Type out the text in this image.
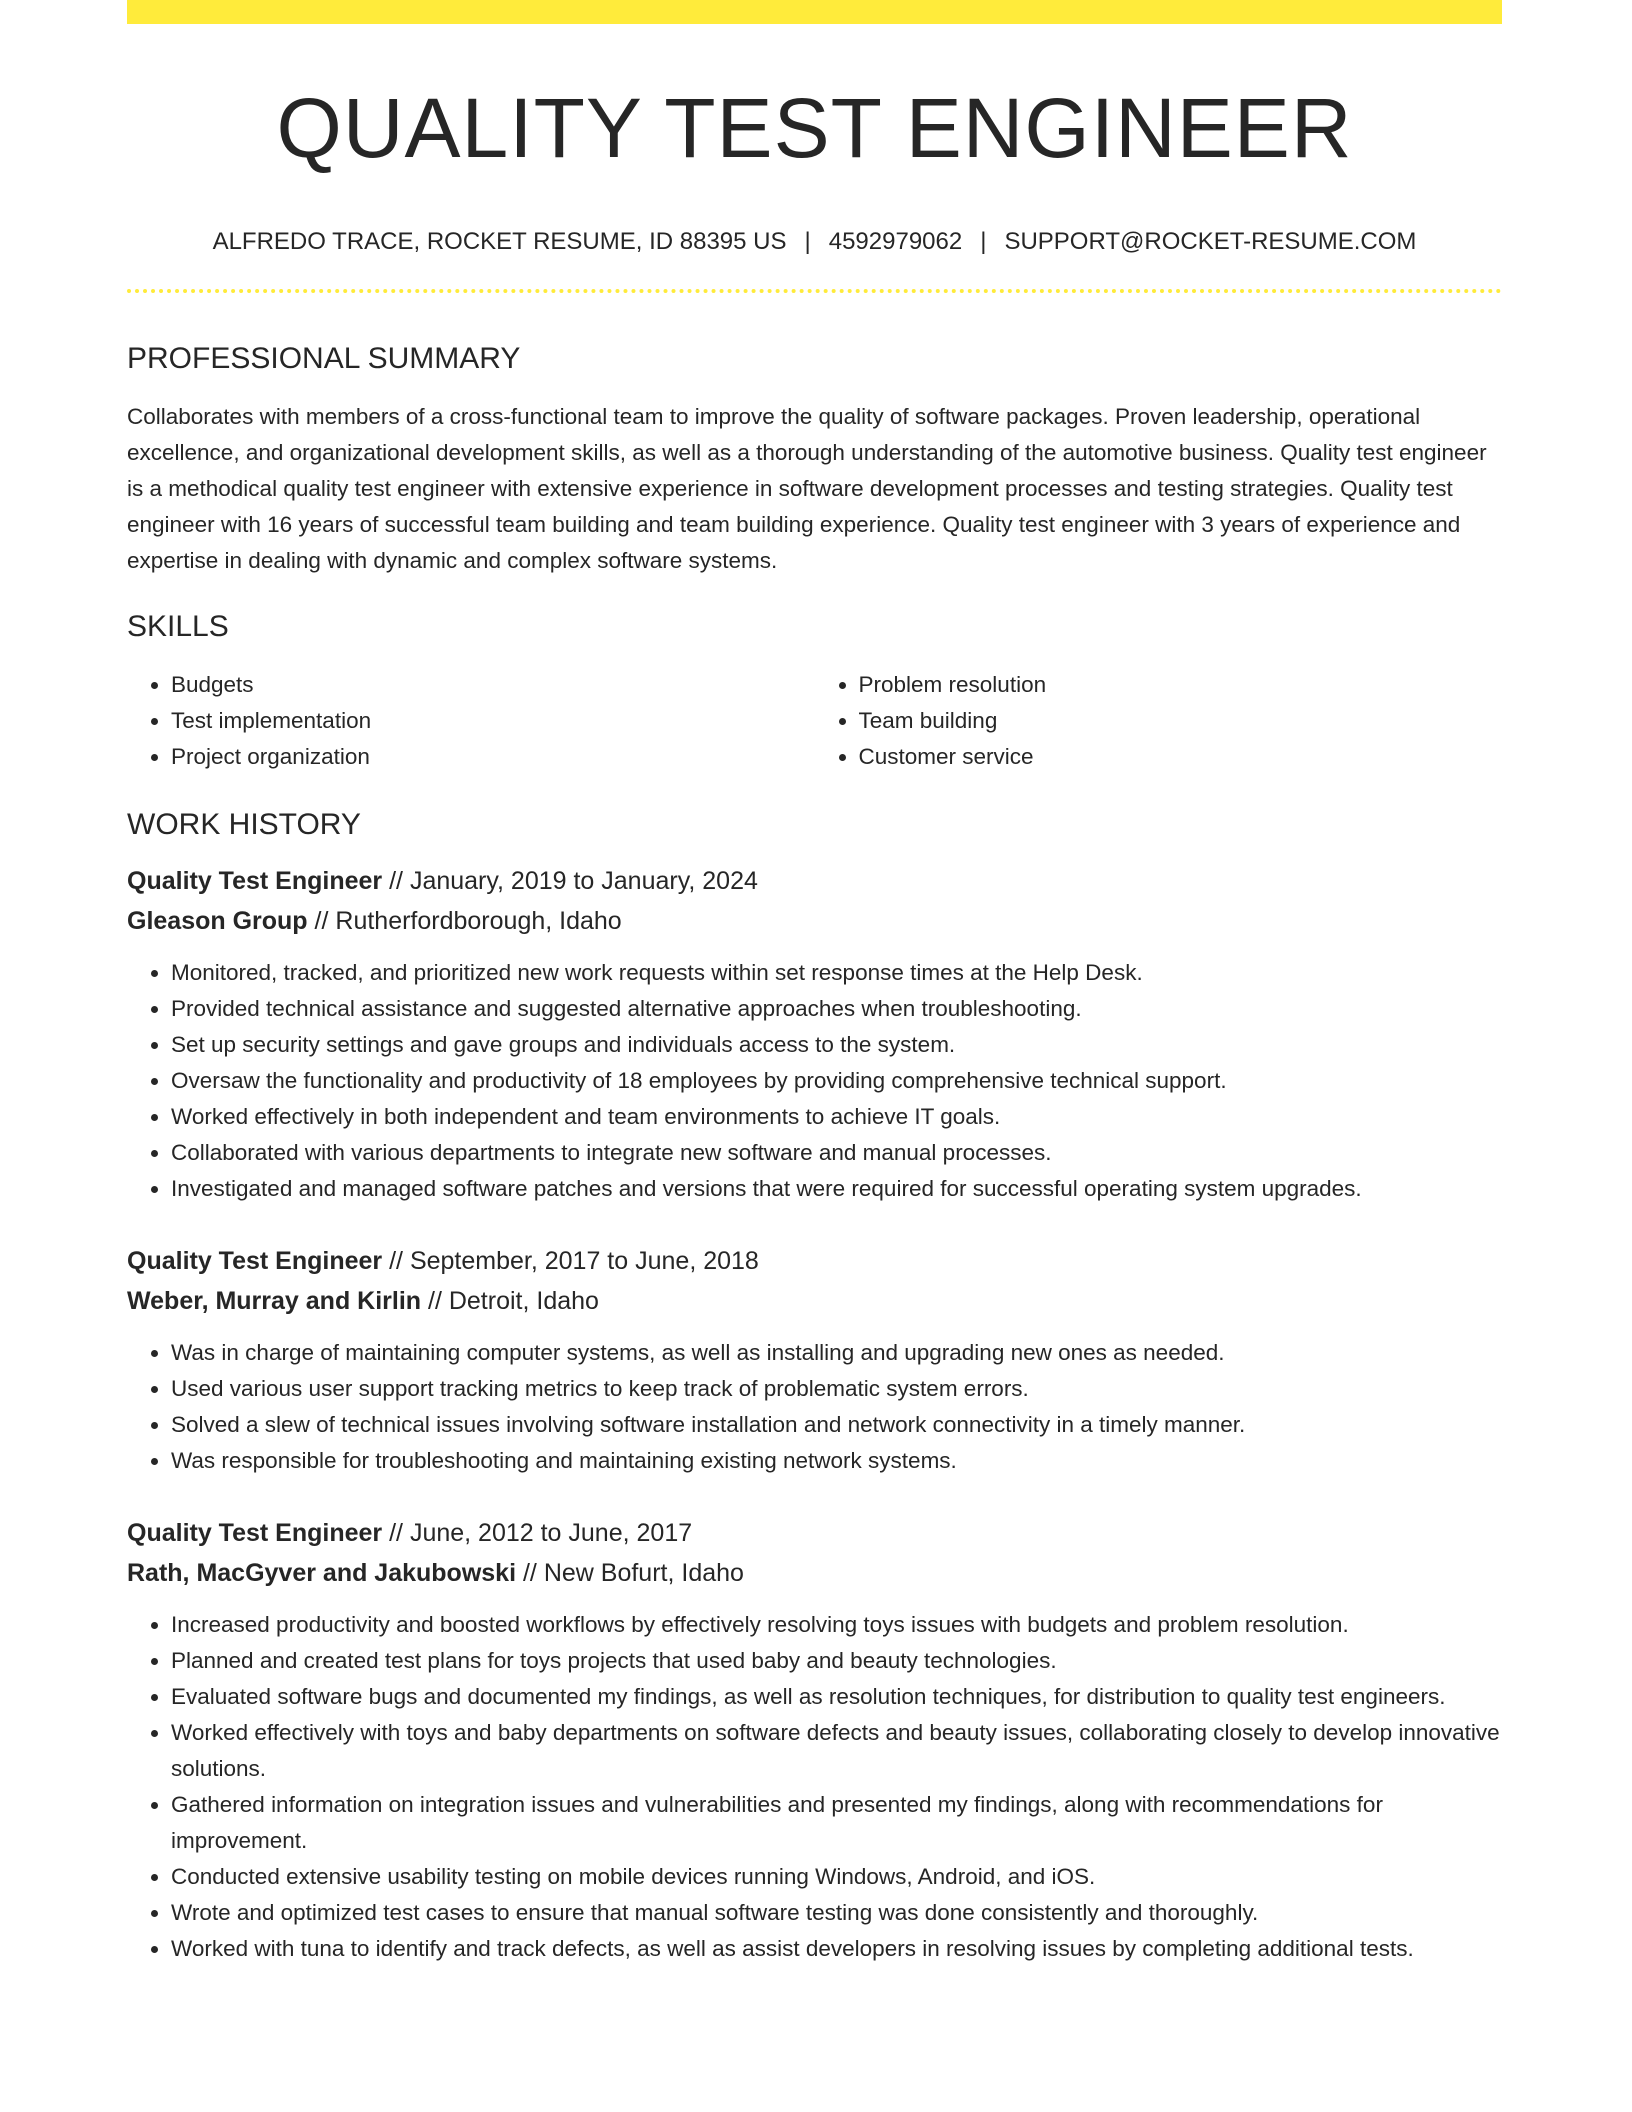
QUALITY TEST ENGINEER
ALFREDO TRACE, ROCKET RESUME, ID 88395 US | 4592979062 | SUPPORT@ROCKET-RESUME.COM
PROFESSIONAL SUMMARY
Collaborates with members of a cross-functional team to improve the quality of software packages. Proven leadership, operational excellence, and organizational development skills, as well as a thorough understanding of the automotive business. Quality test engineer is a methodical quality test engineer with extensive experience in software development processes and testing strategies. Quality test engineer with 16 years of successful team building and team building experience. Quality test engineer with 3 years of experience and expertise in dealing with dynamic and complex software systems.
SKILLS
• Budgets
• Test implementation
• Project organization
• Problem resolution
• Team building
• Customer service
WORK HISTORY
Quality Test Engineer // January, 2019 to January, 2024
Gleason Group // Rutherfordborough, Idaho
• Monitored, tracked, and prioritized new work requests within set response times at the Help Desk.
• Provided technical assistance and suggested alternative approaches when troubleshooting.
• Set up security settings and gave groups and individuals access to the system.
• Oversaw the functionality and productivity of 18 employees by providing comprehensive technical support.
• Worked effectively in both independent and team environments to achieve IT goals.
• Collaborated with various departments to integrate new software and manual processes.
• Investigated and managed software patches and versions that were required for successful operating system upgrades.
Quality Test Engineer // September, 2017 to June, 2018
Weber, Murray and Kirlin // Detroit, Idaho
• Was in charge of maintaining computer systems, as well as installing and upgrading new ones as needed.
• Used various user support tracking metrics to keep track of problematic system errors.
• Solved a slew of technical issues involving software installation and network connectivity in a timely manner.
• Was responsible for troubleshooting and maintaining existing network systems.
Quality Test Engineer // June, 2012 to June, 2017
Rath, MacGyver and Jakubowski // New Bofurt, Idaho
• Increased productivity and boosted workflows by effectively resolving toys issues with budgets and problem resolution.
• Planned and created test plans for toys projects that used baby and beauty technologies.
• Evaluated software bugs and documented my findings, as well as resolution techniques, for distribution to quality test engineers.
• Worked effectively with toys and baby departments on software defects and beauty issues, collaborating closely to develop innovative solutions.
• Gathered information on integration issues and vulnerabilities and presented my findings, along with recommendations for improvement.
• Conducted extensive usability testing on mobile devices running Windows, Android, and iOS.
• Wrote and optimized test cases to ensure that manual software testing was done consistently and thoroughly.
• Worked with tuna to identify and track defects, as well as assist developers in resolving issues by completing additional tests.
